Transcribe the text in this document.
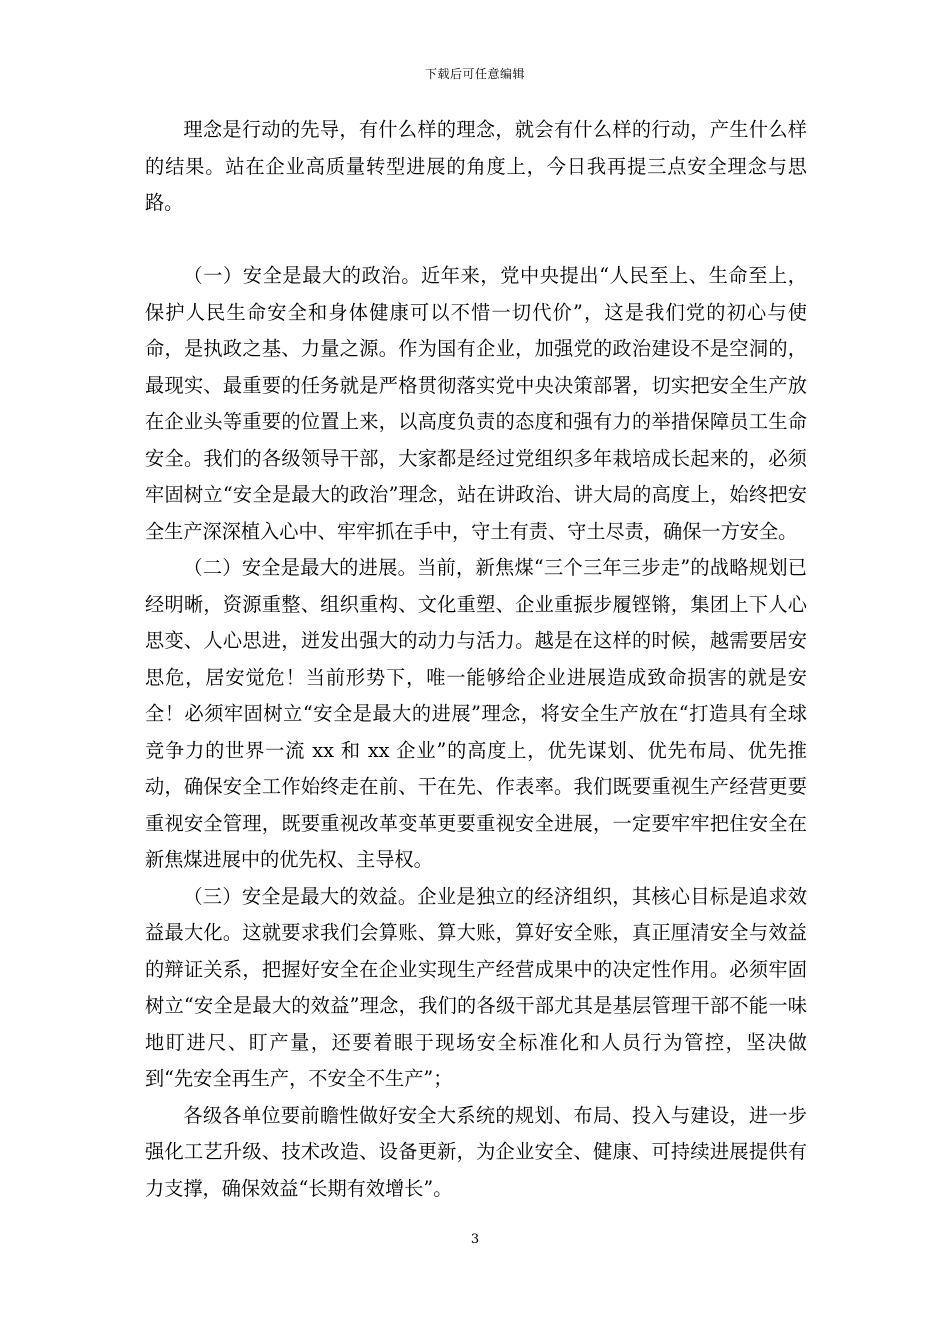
下载后可任意编辑

理念是行动的先导，有什么样的理念，就会有什么样的行动，产生什么样的结果。站在企业高质量转型进展的角度上，今日我再提三点安全理念与思路。

（一）安全是最大的政治。近年来，党中央提出“人民至上、生命至上，保护人民生命安全和身体健康可以不惜一切代价”，这是我们党的初心与使命，是执政之基、力量之源。作为国有企业，加强党的政治建设不是空洞的，最现实、最重要的任务就是严格贯彻落实党中央决策部署，切实把安全生产放在企业头等重要的位置上来，以高度负责的态度和强有力的举措保障员工生命安全。我们的各级领导干部，大家都是经过党组织多年栽培成长起来的，必须牢固树立“安全是最大的政治”理念，站在讲政治、讲大局的高度上，始终把安全生产深深植入心中、牢牢抓在手中，守土有责、守土尽责，确保一方安全。

（二）安全是最大的进展。当前，新焦煤“三个三年三步走”的战略规划已经明晰，资源重整、组织重构、文化重塑、企业重振步履铿锵，集团上下人心思变、人心思进，迸发出强大的动力与活力。越是在这样的时候，越需要居安思危，居安觉危！当前形势下，唯一能够给企业进展造成致命损害的就是安全！必须牢固树立“安全是最大的进展”理念，将安全生产放在“打造具有全球竞争力的世界一流 xx 和 xx 企业”的高度上，优先谋划、优先布局、优先推动，确保安全工作始终走在前、干在先、作表率。我们既要重视生产经营更要重视安全管理，既要重视改革变革更要重视安全进展，一定要牢牢把住安全在新焦煤进展中的优先权、主导权。

（三）安全是最大的效益。企业是独立的经济组织，其核心目标是追求效益最大化。这就要求我们会算账、算大账，算好安全账，真正厘清安全与效益的辩证关系，把握好安全在企业实现生产经营成果中的决定性作用。必须牢固树立“安全是最大的效益”理念，我们的各级干部尤其是基层管理干部不能一味地盯进尺、盯产量，还要着眼于现场安全标准化和人员行为管控，坚决做到“先安全再生产，不安全不生产”；

各级各单位要前瞻性做好安全大系统的规划、布局、投入与建设，进一步强化工艺升级、技术改造、设备更新，为企业安全、健康、可持续进展提供有力支撑，确保效益“长期有效增长”。

3
